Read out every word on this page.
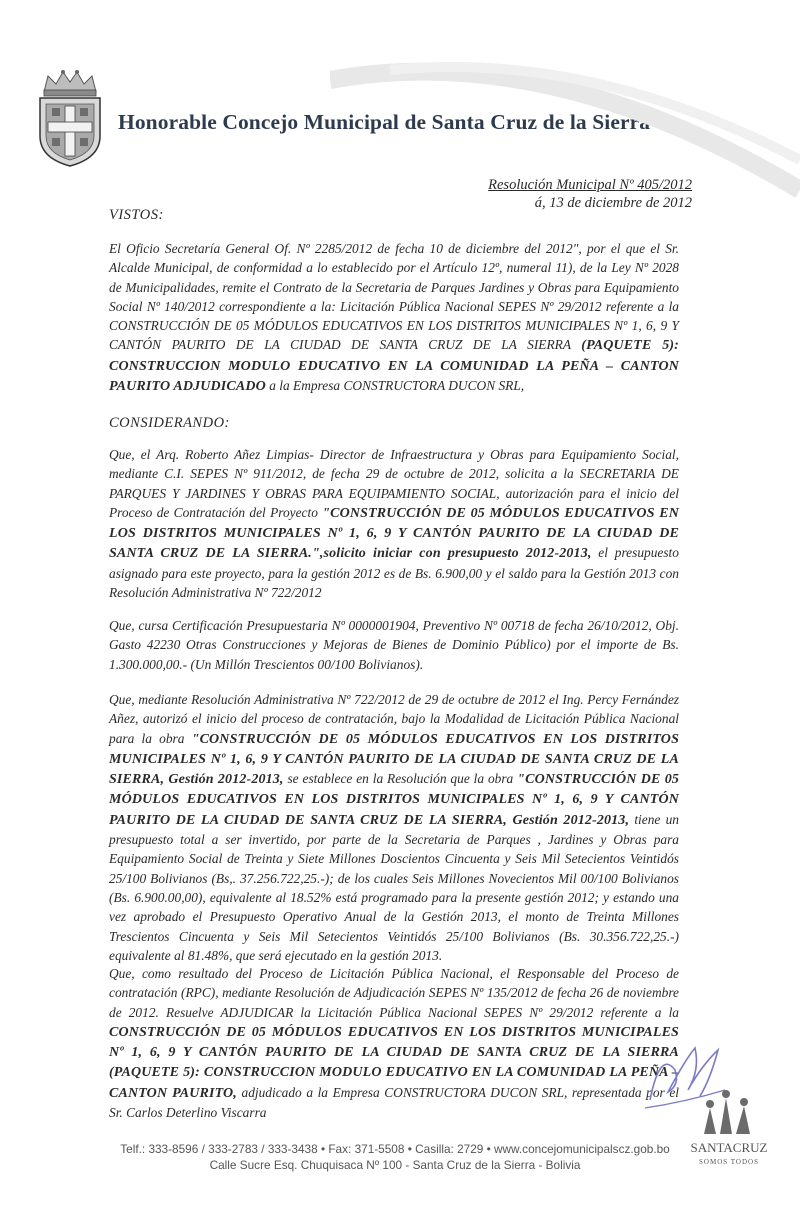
Honorable Concejo Municipal de Santa Cruz de la Sierra
Resolución Municipal Nº 405/2012
á, 13 de diciembre de 2012
VISTOS:

El Oficio Secretaría General Of. Nº 2285/2012 de fecha 10 de diciembre del 2012", por el que el Sr. Alcalde Municipal, de conformidad a lo establecido por el Artículo 12º, numeral 11), de la Ley Nº 2028 de Municipalidades, remite el Contrato de la Secretaria de Parques Jardines y Obras para Equipamiento Social Nº 140/2012 correspondiente a la: Licitación Pública Nacional SEPES Nº 29/2012 referente a la CONSTRUCCIÓN DE 05 MÓDULOS EDUCATIVOS EN LOS DISTRITOS MUNICIPALES Nº 1, 6, 9 Y CANTÓN PAURITO DE LA CIUDAD DE SANTA CRUZ DE LA SIERRA (PAQUETE 5): CONSTRUCCION MODULO EDUCATIVO EN LA COMUNIDAD LA PEÑA – CANTON PAURITO ADJUDICADO a la Empresa CONSTRUCTORA DUCON SRL,

CONSIDERANDO:

Que, el Arq. Roberto Añez Limpias- Director de Infraestructura y Obras para Equipamiento Social, mediante C.I. SEPES Nº 911/2012, de fecha 29 de octubre de 2012, solicita a la SECRETARIA DE PARQUES Y JARDINES Y OBRAS PARA EQUIPAMIENTO SOCIAL, autorización para el inicio del Proceso de Contratación del Proyecto "CONSTRUCCIÓN DE 05 MÓDULOS EDUCATIVOS EN LOS DISTRITOS MUNICIPALES Nº 1, 6, 9 Y CANTÓN PAURITO DE LA CIUDAD DE SANTA CRUZ DE LA SIERRA.",solicito iniciar con presupuesto 2012-2013, el presupuesto asignado para este proyecto, para la gestión 2012 es de Bs. 6.900,00 y el saldo para la Gestión 2013 con Resolución Administrativa Nº 722/2012

Que, cursa Certificación Presupuestaria Nº 0000001904, Preventivo Nº 00718 de fecha 26/10/2012, Obj. Gasto 42230 Otras Construcciones y Mejoras de Bienes de Dominio Público) por el importe de Bs. 1.300.000,00.- (Un Millón Trescientos 00/100 Bolivianos).

Que, mediante Resolución Administrativa Nº 722/2012 de 29 de octubre de 2012 el Ing. Percy Fernández Añez, autorizó el inicio del proceso de contratación, bajo la Modalidad de Licitación Pública Nacional para la obra "CONSTRUCCIÓN DE 05 MÓDULOS EDUCATIVOS EN LOS DISTRITOS MUNICIPALES Nº 1, 6, 9 Y CANTÓN PAURITO DE LA CIUDAD DE SANTA CRUZ DE LA SIERRA, Gestión 2012-2013, se establece en la Resolución que la obra "CONSTRUCCIÓN DE 05 MÓDULOS EDUCATIVOS EN LOS DISTRITOS MUNICIPALES Nº 1, 6, 9 Y CANTÓN PAURITO DE LA CIUDAD DE SANTA CRUZ DE LA SIERRA, Gestión 2012-2013, tiene un presupuesto total a ser invertido, por parte de la Secretaria de Parques , Jardines y Obras para Equipamiento Social de Treinta y Siete Millones Doscientos Cincuenta y Seis Mil Setecientos Veintidós 25/100 Bolivianos (Bs,. 37.256.722,25.-); de los cuales Seis Millones Novecientos Mil 00/100 Bolivianos (Bs. 6.900.00,00), equivalente al 18.52% está programado para la presente gestión 2012; y estando una vez aprobado el Presupuesto Operativo Anual de la Gestión 2013, el monto de Treinta Millones Trescientos Cincuenta y Seis Mil Setecientos Veintidós 25/100 Bolivianos (Bs. 30.356.722,25.-) equivalente al 81.48%, que será ejecutado en la gestión 2013.

Que, como resultado del Proceso de Licitación Pública Nacional, el Responsable del Proceso de contratación (RPC), mediante Resolución de Adjudicación SEPES Nº 135/2012 de fecha 26 de noviembre de 2012. Resuelve ADJUDICAR la Licitación Pública Nacional SEPES Nº 29/2012 referente a la CONSTRUCCIÓN DE 05 MÓDULOS EDUCATIVOS EN LOS DISTRITOS MUNICIPALES Nº 1, 6, 9 Y CANTÓN PAURITO DE LA CIUDAD DE SANTA CRUZ DE LA SIERRA (PAQUETE 5): CONSTRUCCION MODULO EDUCATIVO EN LA COMUNIDAD LA PEÑA – CANTON PAURITO, adjudicado a la Empresa CONSTRUCTORA DUCON SRL, representada por el Sr. Carlos Deterlino Viscarra

SANTACRUZ
SOMOS TODOS
Telf.: 333-8596 / 333-2783 / 333-3438 • Fax: 371-5508 • Casilla: 2729 • www.concejomunicipalscz.gob.bo
Calle Sucre Esq. Chuquisaca Nº 100 - Santa Cruz de la Sierra - Bolivia
